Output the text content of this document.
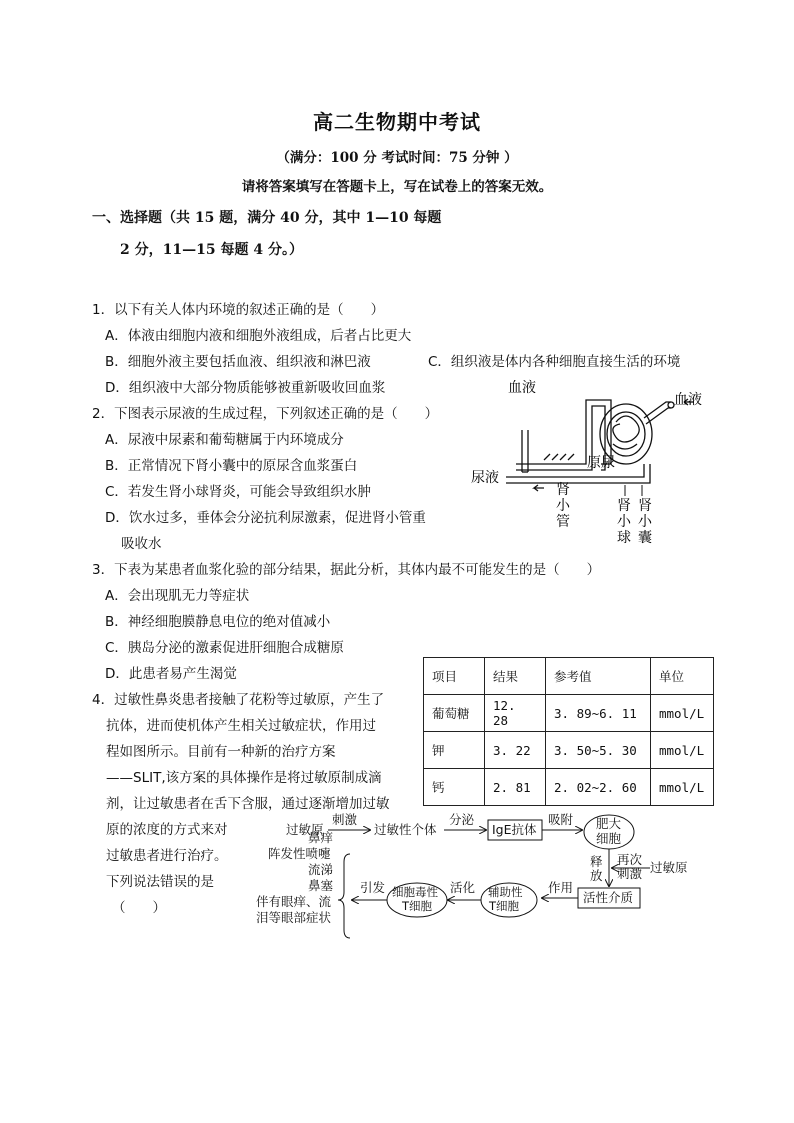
高二生物期中考试
（满分：100 分 考试时间：75 分钟 ）
请将答案填写在答题卡上，写在试卷上的答案无效。
一、选择题（共 15 题，满分 40 分，其中 1—10 每题
2 分，11—15 每题 4 分。）
1．以下有关人体内环境的叙述正确的是（　　）
A．体液由细胞内液和细胞外液组成，后者占比更大
B．细胞外液主要包括血液、组织液和淋巴液	C．组织液是体内各种细胞直接生活的环境
D．组织液中大部分物质能够被重新吸收回血浆
2．下图表示尿液的生成过程，下列叙述正确的是（　　）
A．尿液中尿素和葡萄糖属于内环境成分
B．正常情况下肾小囊中的原尿含血浆蛋白
C．若发生肾小球肾炎，可能会导致组织水肿
D．饮水过多，垂体会分泌抗利尿激素，促进肾小管重
吸收水
血液
血液
尿液
原尿
肾
小
管
肾
小
球
肾
小
囊
3．下表为某患者血浆化验的部分结果，据此分析，其体内最不可能发生的是（　　）
A．会出现肌无力等症状
B．神经细胞膜静息电位的绝对值减小
C．胰岛分泌的激素促进肝细胞合成糖原
D．此患者易产生渴觉	项目	结果	参考值	单位
葡萄糖	12. 28	3. 89~6. 11	mmol/L
钾	3. 22	3. 50~5. 30	mmol/L
钙	2. 81	2. 02~2. 60	mmol/L
4．过敏性鼻炎患者接触了花粉等过敏原，产生了
抗体，进而使机体产生相关过敏症状，作用过
程如图所示。目前有一种新的治疗方案
——SLIT,该方案的具体操作是将过敏原制成滴
剂，让过敏患者在舌下含服，通过逐渐增加过敏
原的浓度的方式来对
过敏患者进行治疗。
下列说法错误的是
（　　）
过敏原
刺激
过敏性个体
分泌
IgE抗体
吸附 肥大
细胞
释
放
再次
刺激 过敏原
活性介质
作用
辅助性
T细胞
活化
细胞毒性
T细胞
引发
鼻痒
阵发性喷嚏
流涕
鼻塞
伴有眼痒、流
泪等眼部症状
